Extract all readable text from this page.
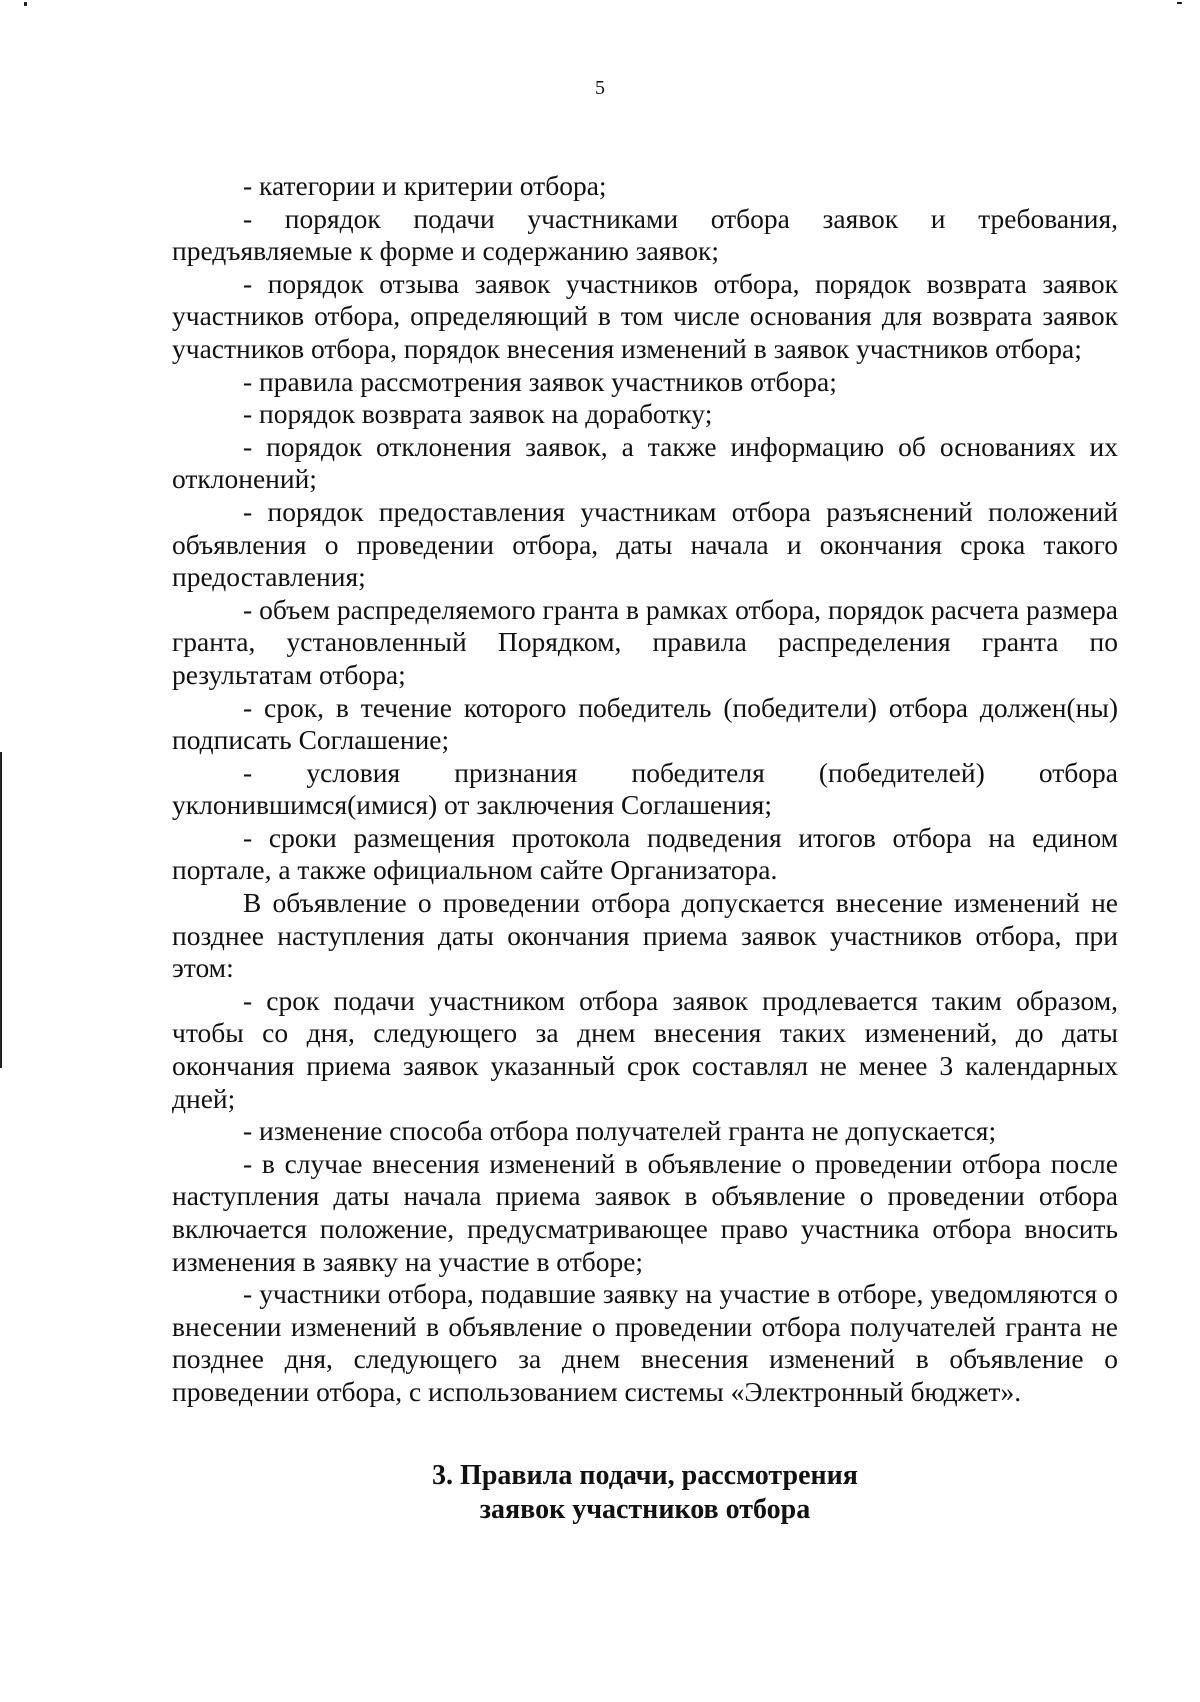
5

- категории и критерии отбора;

- порядок подачи участниками отбора заявок и требования, предъявляемые к форме и содержанию заявок;

- порядок отзыва заявок участников отбора, порядок возврата заявок участников отбора, определяющий в том числе основания для возврата заявок участников отбора, порядок внесения изменений в заявок участников отбора;

- правила рассмотрения заявок участников отбора;

- порядок возврата заявок на доработку;

- порядок отклонения заявок, а также информацию об основаниях их отклонений;

- порядок предоставления участникам отбора разъяснений положений объявления о проведении отбора, даты начала и окончания срока такого предоставления;

- объем распределяемого гранта в рамках отбора, порядок расчета размера гранта, установленный Порядком, правила распределения гранта по результатам отбора;

- срок, в течение которого победитель (победители) отбора должен(ны) подписать Соглашение;

- условия признания победителя (победителей) отбора уклонившимся(имися) от заключения Соглашения;

- сроки размещения протокола подведения итогов отбора на едином портале, а также официальном сайте Организатора.

В объявление о проведении отбора допускается внесение изменений не позднее наступления даты окончания приема заявок участников отбора, при этом:

- срок подачи участником отбора заявок продлевается таким образом, чтобы со дня, следующего за днем внесения таких изменений, до даты окончания приема заявок указанный срок составлял не менее 3 календарных дней;

- изменение способа отбора получателей гранта не допускается;

- в случае внесения изменений в объявление о проведении отбора после наступления даты начала приема заявок в объявление о проведении отбора включается положение, предусматривающее право участника отбора вносить изменения в заявку на участие в отборе;

- участники отбора, подавшие заявку на участие в отборе, уведомляются о внесении изменений в объявление о проведении отбора получателей гранта не позднее дня, следующего за днем внесения изменений в объявление о проведении отбора, с использованием системы «Электронный бюджет».

3. Правила подачи, рассмотрения
заявок участников отбора
